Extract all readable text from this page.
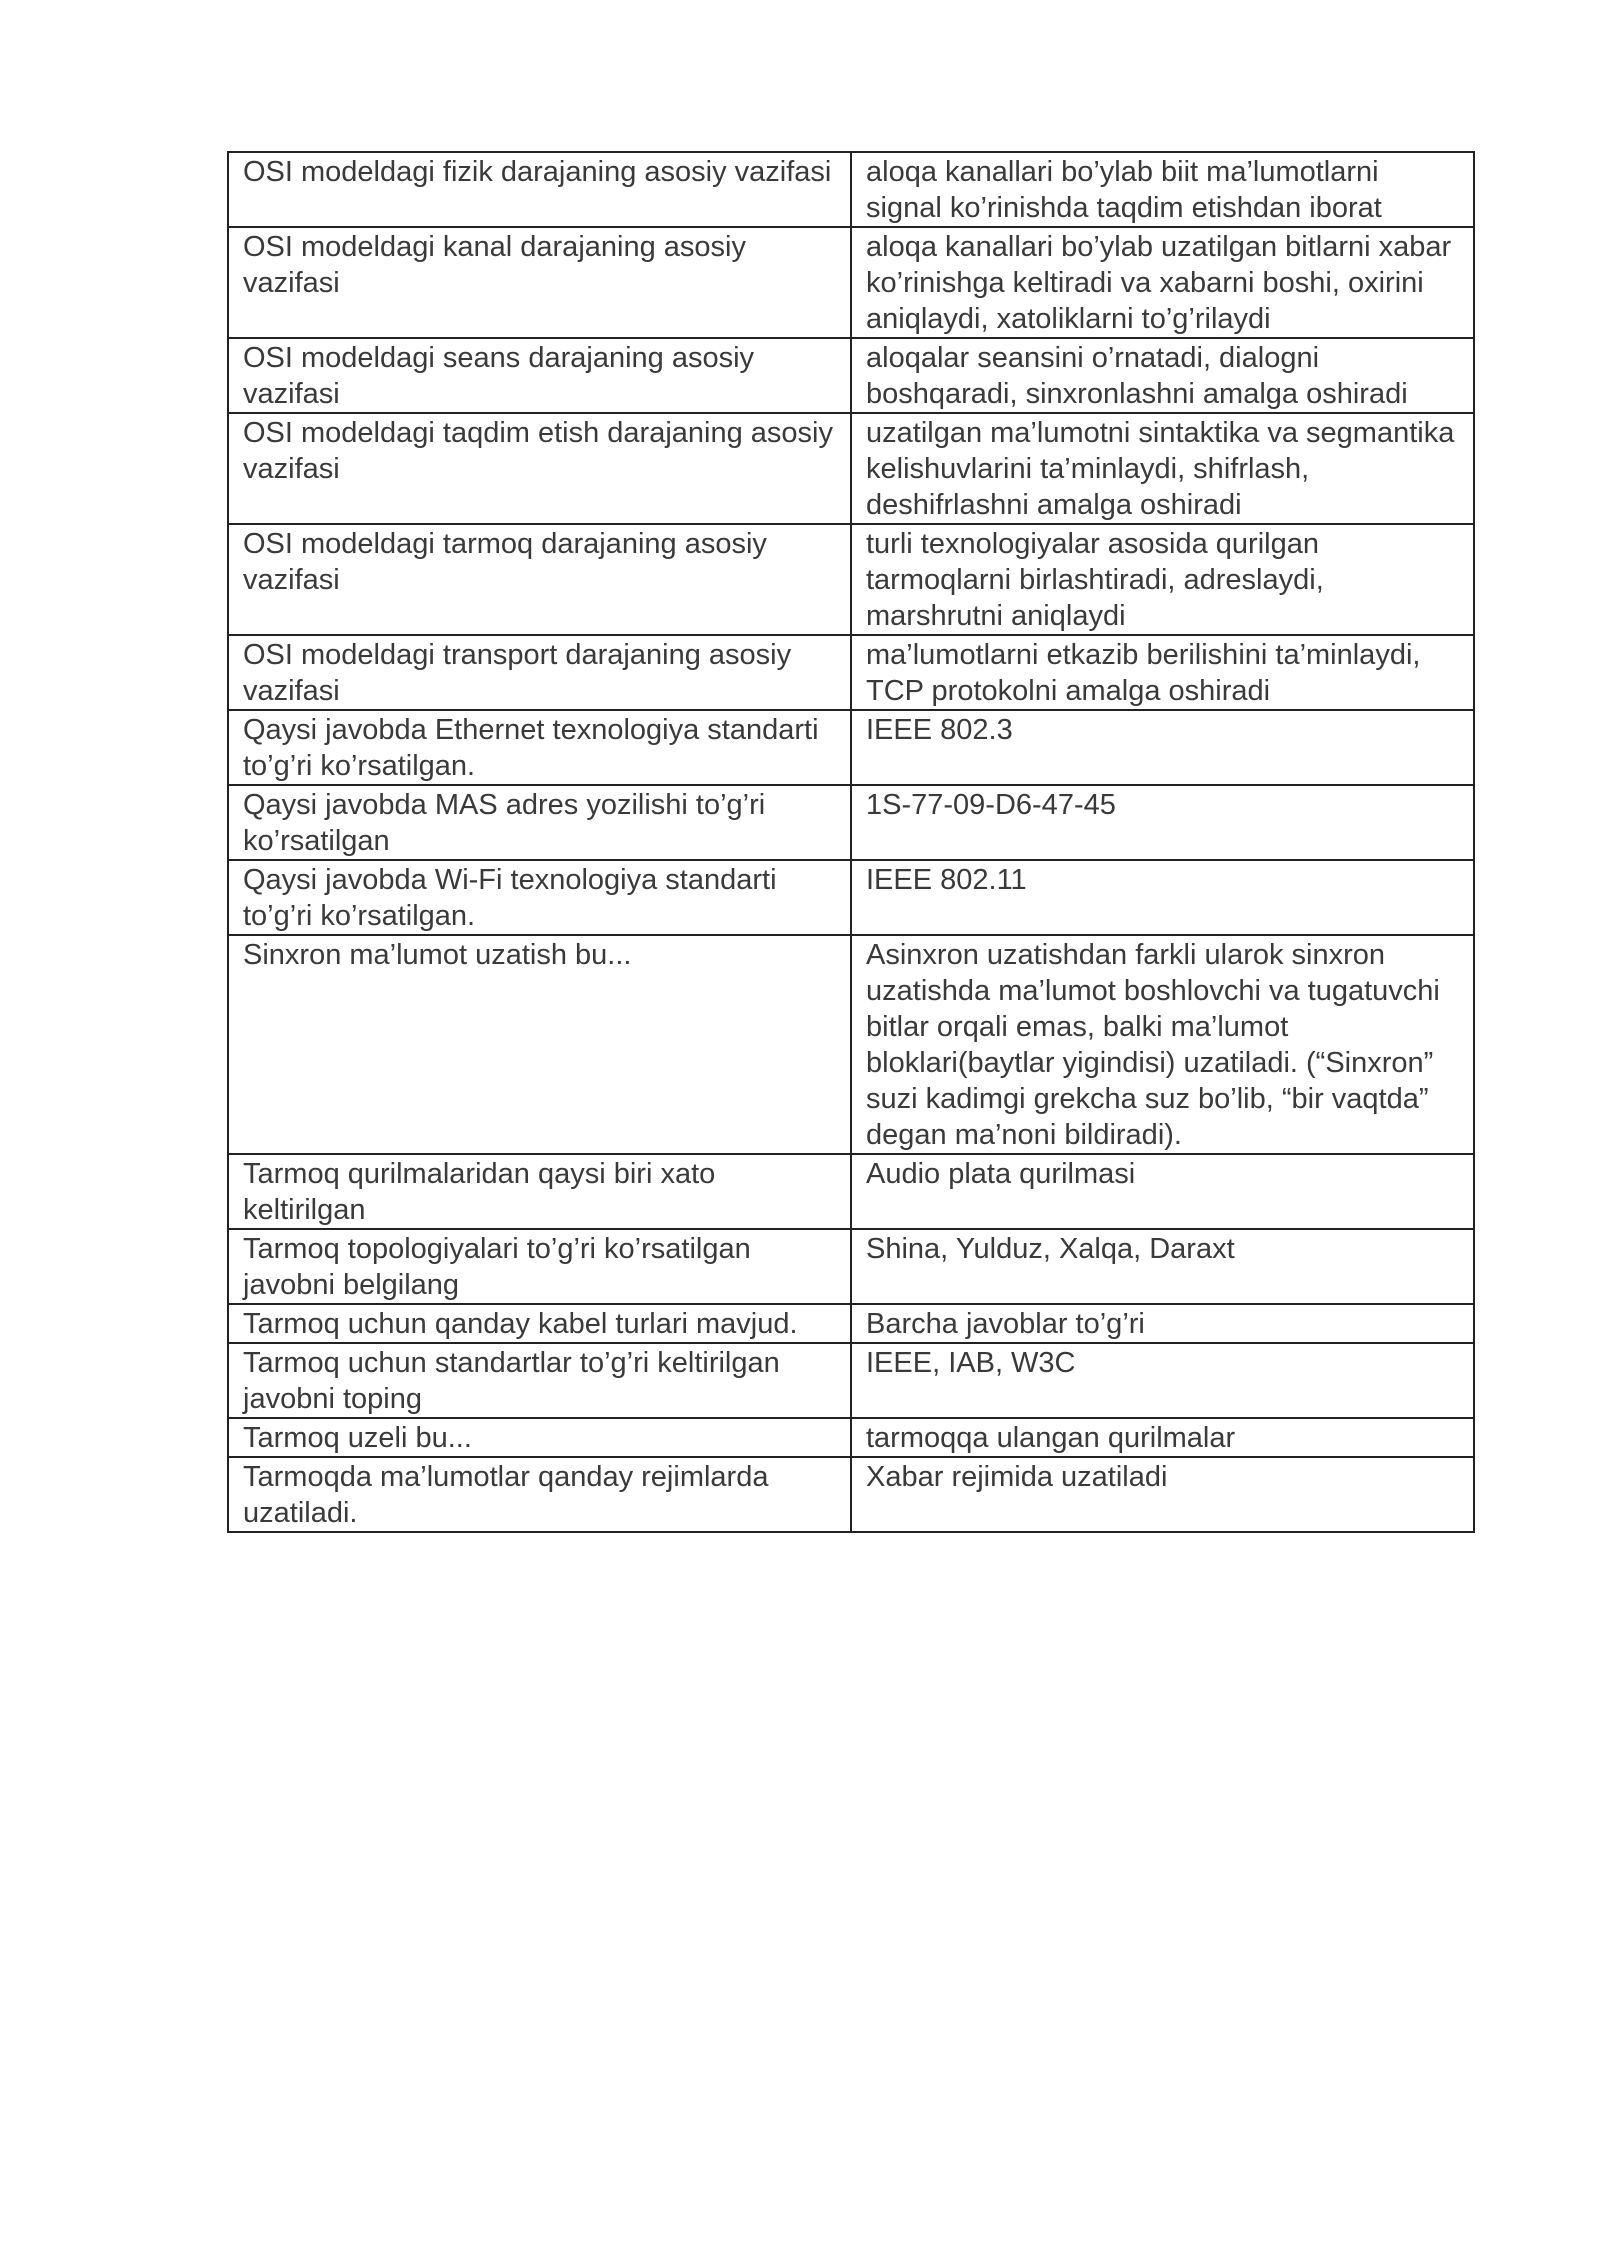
OSI modeldagi fizik darajaning asosiy vazifasi	aloqa kanallari bo’ylab biit ma’lumotlarni signal ko’rinishda taqdim etishdan iborat
OSI modeldagi kanal darajaning asosiy vazifasi	aloqa kanallari bo’ylab uzatilgan bitlarni xabar ko’rinishga keltiradi va xabarni boshi, oxirini aniqlaydi, xatoliklarni to’g’rilaydi
OSI modeldagi seans darajaning asosiy vazifasi	aloqalar seansini o’rnatadi, dialogni boshqaradi, sinxronlashni amalga oshiradi
OSI modeldagi taqdim etish darajaning asosiy vazifasi	uzatilgan ma’lumotni sintaktika va segmantika kelishuvlarini ta’minlaydi, shifrlash, deshifrlashni amalga oshiradi
OSI modeldagi tarmoq darajaning asosiy vazifasi	turli texnologiyalar asosida qurilgan tarmoqlarni birlashtiradi, adreslaydi, marshrutni aniqlaydi
OSI modeldagi transport darajaning asosiy vazifasi	ma’lumotlarni etkazib berilishini ta’minlaydi, TCP protokolni amalga oshiradi
Qaysi javobda Ethernet texnologiya standarti to’g’ri ko’rsatilgan.	IEEE 802.3
Qaysi javobda MAS adres yozilishi to’g’ri ko’rsatilgan	1S-77-09-D6-47-45
Qaysi javobda Wi-Fi texnologiya standarti to’g’ri ko’rsatilgan.	IEEE 802.11
Sinxron ma’lumot uzatish bu...	Asinxron uzatishdan farkli ularok sinxron uzatishda ma’lumot boshlovchi va tugatuvchi bitlar orqali emas, balki ma’lumot bloklari(baytlar yigindisi) uzatiladi. (“Sinxron” suzi kadimgi grekcha suz bo’lib, “bir vaqtda” degan ma’noni bildiradi).
Tarmoq qurilmalaridan qaysi biri xato keltirilgan	Audio plata qurilmasi
Tarmoq topologiyalari to’g’ri ko’rsatilgan javobni belgilang	Shina, Yulduz, Xalqa, Daraxt
Tarmoq uchun qanday kabel turlari mavjud.	Barcha javoblar to’g’ri
Tarmoq uchun standartlar to’g’ri keltirilgan javobni toping	IEEE, IAB, W3C
Tarmoq uzeli bu...	tarmoqqa ulangan qurilmalar
Tarmoqda ma’lumotlar qanday rejimlarda uzatiladi.	Xabar rejimida uzatiladi
